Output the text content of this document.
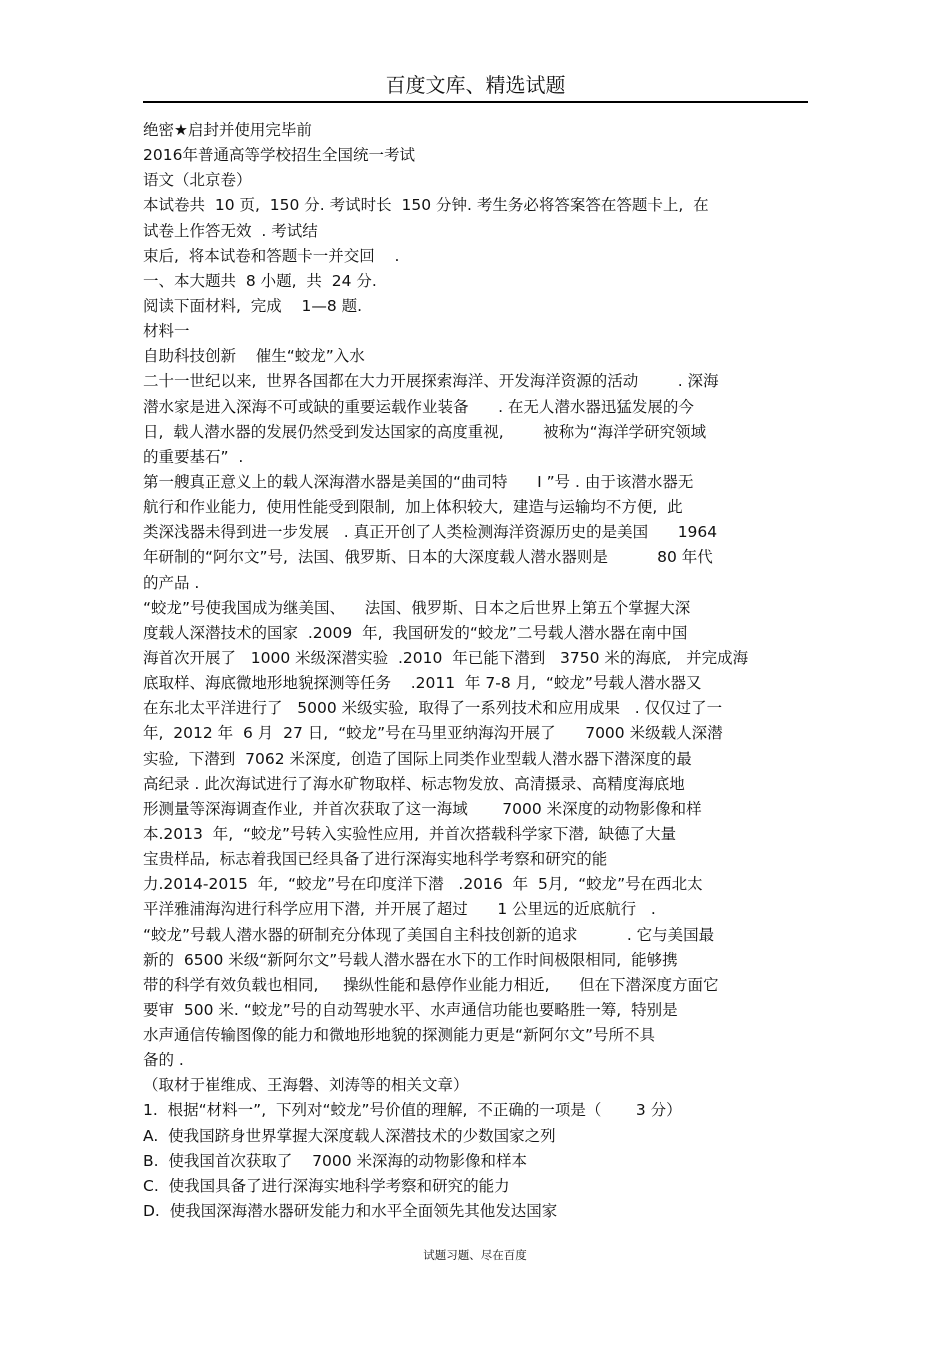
百度文库、精选试题
绝密★启封并使用完毕前
2016年普通高等学校招生全国统一考试
语文（北京卷）
本试卷共  10 页,  150 分. 考试时长  150 分钟. 考生务必将答案答在答题卡上,  在
试卷上作答无效  . 考试结
束后,  将本试卷和答题卡一并交回    .
一、本大题共  8 小题,  共  24 分.
阅读下面材料,  完成    1—8 题.
材料一
自助科技创新    催生“蛟龙”入水
二十一世纪以来,  世界各国都在大力开展探索海洋、开发海洋资源的活动        . 深海
潜水家是进入深海不可或缺的重要运载作业装备      . 在无人潜水器迅猛发展的今
日,  载人潜水器的发展仍然受到发达国家的高度重视,        被称为“海洋学研究领域
的重要基石”  .
第一艘真正意义上的载人深海潜水器是美国的“曲司特      I ”号 . 由于该潜水器无
航行和作业能力,  使用性能受到限制,  加上体积较大,  建造与运输均不方便,  此
类深浅器未得到进一步发展   . 真正开创了人类检测海洋资源历史的是美国      1964
年研制的“阿尔文”号,  法国、俄罗斯、日本的大深度载人潜水器则是          80 年代
的产品 .
“蛟龙”号使我国成为继美国、    法国、俄罗斯、日本之后世界上第五个掌握大深
度载人深潜技术的国家  .2009  年,  我国研发的“蛟龙”二号载人潜水器在南中国
海首次开展了   1000 米级深潜实验  .2010  年已能下潜到   3750 米的海底,   并完成海
底取样、海底微地形地貌探测等任务    .2011  年 7-8 月,  “蛟龙”号载人潜水器又
在东北太平洋进行了   5000 米级实验,  取得了一系列技术和应用成果   . 仅仅过了一
年,  2012 年  6 月  27 日,  “蛟龙”号在马里亚纳海沟开展了      7000 米级载人深潜
实验,  下潜到  7062 米深度,  创造了国际上同类作业型载人潜水器下潜深度的最
高纪录 . 此次海试进行了海水矿物取样、标志物发放、高清摄录、高精度海底地
形测量等深海调查作业,  并首次获取了这一海域       7000 米深度的动物影像和样
本.2013  年,  “蛟龙”号转入实验性应用,  并首次搭载科学家下潜,  缺德了大量
宝贵样品,  标志着我国已经具备了进行深海实地科学考察和研究的能
力.2014-2015  年,  “蛟龙”号在印度洋下潜   .2016  年  5月,  “蛟龙”号在西北太
平洋雅浦海沟进行科学应用下潜,  并开展了超过      1 公里远的近底航行   .
“蛟龙”号载人潜水器的研制充分体现了美国自主科技创新的追求          . 它与美国最
新的  6500 米级“新阿尔文”号载人潜水器在水下的工作时间极限相同,  能够携
带的科学有效负载也相同,     操纵性能和悬停作业能力相近,      但在下潜深度方面它
要审  500 米. “蛟龙”号的自动驾驶水平、水声通信功能也要略胜一筹,  特别是
水声通信传输图像的能力和微地形地貌的探测能力更是“新阿尔文”号所不具
备的 .
（取材于崔维成、王海磐、刘涛等的相关文章）
1.  根据“材料一”,  下列对“蛟龙”号价值的理解,  不正确的一项是（       3 分）
A.  使我国跻身世界掌握大深度载人深潜技术的少数国家之列
B.  使我国首次获取了    7000 米深海的动物影像和样本
C.  使我国具备了进行深海实地科学考察和研究的能力
D.  使我国深海潜水器研发能力和水平全面领先其他发达国家
试题习题、尽在百度
